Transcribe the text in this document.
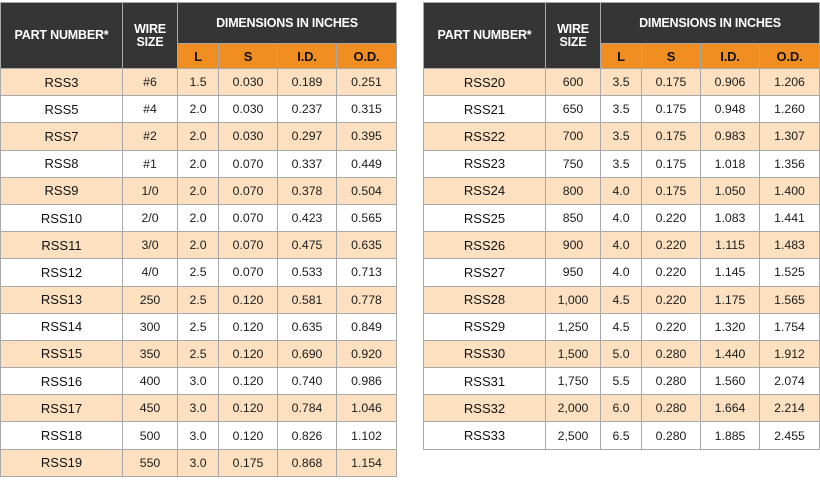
PART NUMBER*	WIRE SIZE	DIMENSIONS IN INCHES			
		L	S	I.D.	O.D.
RSS3	#6	1.5	0.030	0.189	0.251
RSS5	#4	2.0	0.030	0.237	0.315
RSS7	#2	2.0	0.030	0.297	0.395
RSS8	#1	2.0	0.070	0.337	0.449
RSS9	1/0	2.0	0.070	0.378	0.504
RSS10	2/0	2.0	0.070	0.423	0.565
RSS11	3/0	2.0	0.070	0.475	0.635
RSS12	4/0	2.5	0.070	0.533	0.713
RSS13	250	2.5	0.120	0.581	0.778
RSS14	300	2.5	0.120	0.635	0.849
RSS15	350	2.5	0.120	0.690	0.920
RSS16	400	3.0	0.120	0.740	0.986
RSS17	450	3.0	0.120	0.784	1.046
RSS18	500	3.0	0.120	0.826	1.102
RSS19	550	3.0	0.175	0.868	1.154
PART NUMBER*	WIRE SIZE	DIMENSIONS IN INCHES			
		L	S	I.D.	O.D.
RSS20	600	3.5	0.175	0.906	1.206
RSS21	650	3.5	0.175	0.948	1.260
RSS22	700	3.5	0.175	0.983	1.307
RSS23	750	3.5	0.175	1.018	1.356
RSS24	800	4.0	0.175	1.050	1.400
RSS25	850	4.0	0.220	1.083	1.441
RSS26	900	4.0	0.220	1.115	1.483
RSS27	950	4.0	0.220	1.145	1.525
RSS28	1,000	4.5	0.220	1.175	1.565
RSS29	1,250	4.5	0.220	1.320	1.754
RSS30	1,500	5.0	0.280	1.440	1.912
RSS31	1,750	5.5	0.280	1.560	2.074
RSS32	2,000	6.0	0.280	1.664	2.214
RSS33	2,500	6.5	0.280	1.885	2.455
